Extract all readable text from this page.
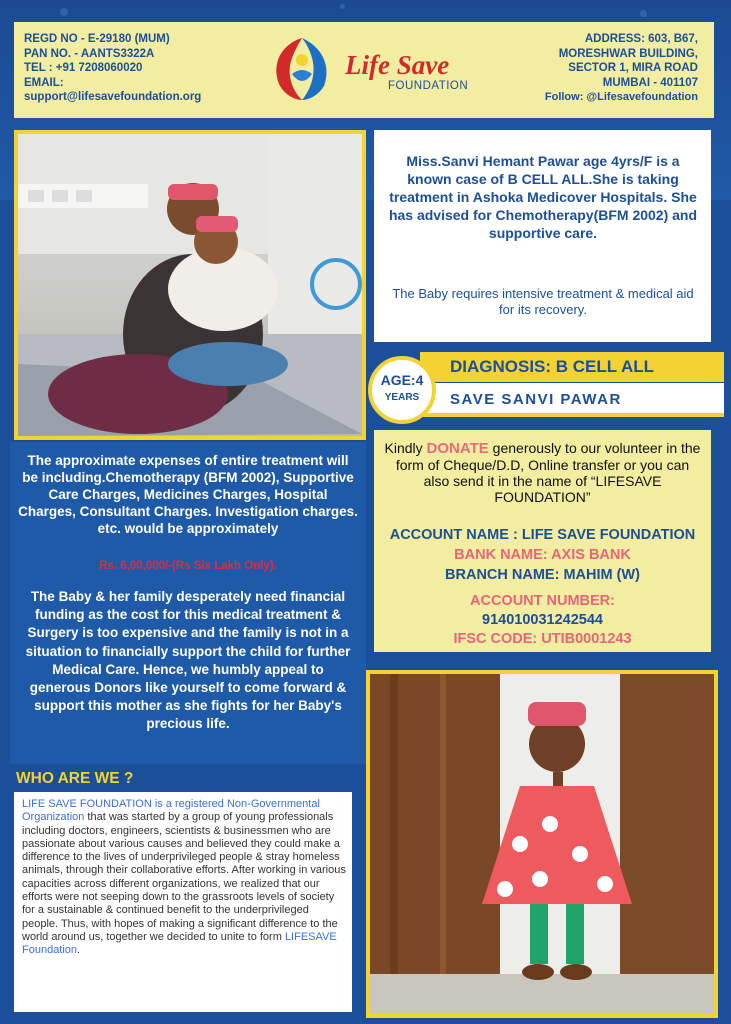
REGD NO - E-29180 (MUM)
PAN NO. - AANTS3322A
TEL : +91 7208060020
EMAIL:
support@lifesavefoundation.org
Life Save
FOUNDATION
ADDRESS: 603, B67,
MORESHWAR BUILDING,
SECTOR 1, MIRA ROAD
MUMBAI - 401107
Follow: @Lifesavefoundation
Miss.Sanvi Hemant Pawar age 4yrs/F is a known case of B CELL ALL.She is taking treatment in Ashoka Medicover Hospitals. She has advised for Chemotherapy(BFM 2002) and supportive care.
The Baby requires intensive treatment & medical aid for its recovery.
DIAGNOSIS: B CELL ALL
SAVE SANVI PAWAR
AGE:4
YEARS
Kindly DONATE generously to our volunteer in the form of Cheque/D.D, Online transfer or you can also send it in the name of “LIFESAVE FOUNDATION”
ACCOUNT NAME : LIFE SAVE FOUNDATION
BANK NAME: AXIS BANK
BRANCH NAME: MAHIM (W)
ACCOUNT NUMBER:
914010031242544
IFSC CODE: UTIB0001243
The approximate expenses of entire treatment will be including.Chemotherapy (BFM 2002), Supportive Care Charges, Medicines Charges, Hospital Charges, Consultant Charges. Investigation charges. etc. would be approximately
Rs. 6,00,000/-(Rs Six Lakh Only).
The Baby & her family desperately need financial funding as the cost for this medical treatment & Surgery is too expensive and the family is not in a situation to financially support the child for further Medical Care. Hence, we humbly appeal to generous Donors like yourself to come forward & support this mother as she fights for her Baby's precious life.
WHO ARE WE ?
LIFE SAVE FOUNDATION is a registered Non-Governmental Organization that was started by a group of young professionals including doctors, engineers, scientists & businessmen who are passionate about various causes and believed they could make a difference to the lives of underprivileged people & stray homeless animals, through their collaborative efforts. After working in various capacities across different organizations, we realized that our efforts were not seeping down to the grassroots levels of society for a sustainable & continued benefit to the underprivileged people. Thus, with hopes of making a significant difference to the world around us, together we decided to unite to form LIFESAVE Foundation.
